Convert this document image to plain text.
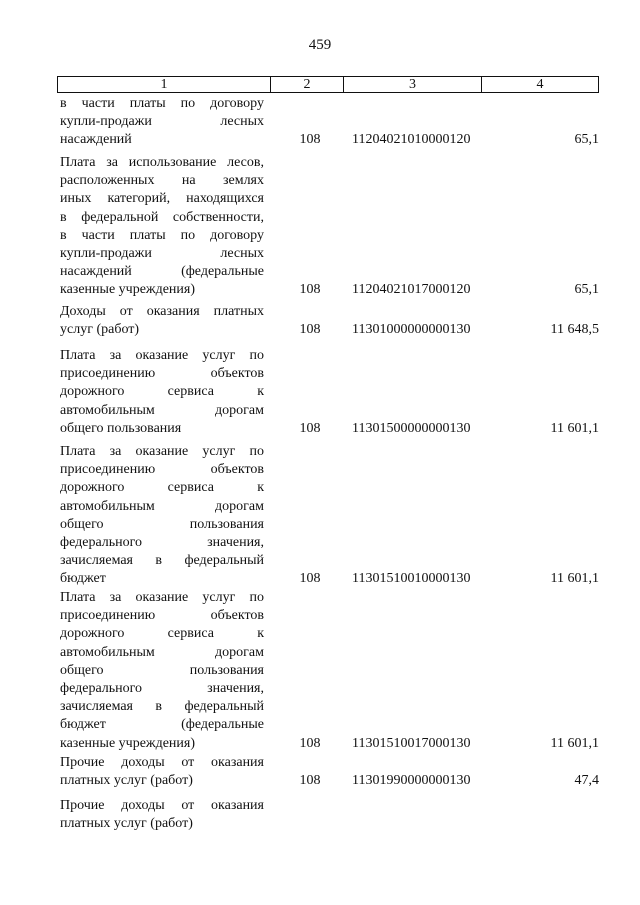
459
1	2	3	4
в части платы по договору
купли-продажи лесных
насаждений	108	11204021010000120	65,1
Плата за использование лесов,
расположенных на землях
иных категорий, находящихся
в федеральной собственности,
в части платы по договору
купли-продажи лесных
насаждений (федеральные
казенные учреждения)	108	11204021017000120	65,1
Доходы от оказания платных
услуг (работ)	108	11301000000000130	11 648,5
Плата за оказание услуг по
присоединению объектов
дорожного сервиса к
автомобильным дорогам
общего пользования	108	11301500000000130	11 601,1
Плата за оказание услуг по
присоединению объектов
дорожного сервиса к
автомобильным дорогам
общего пользования
федерального значения,
зачисляемая в федеральный
бюджет	108	11301510010000130	11 601,1
Плата за оказание услуг по
присоединению объектов
дорожного сервиса к
автомобильным дорогам
общего пользования
федерального значения,
зачисляемая в федеральный
бюджет (федеральные
казенные учреждения)	108	11301510017000130	11 601,1
Прочие доходы от оказания
платных услуг (работ)	108	11301990000000130	47,4
Прочие доходы от оказания
платных услуг (работ)
